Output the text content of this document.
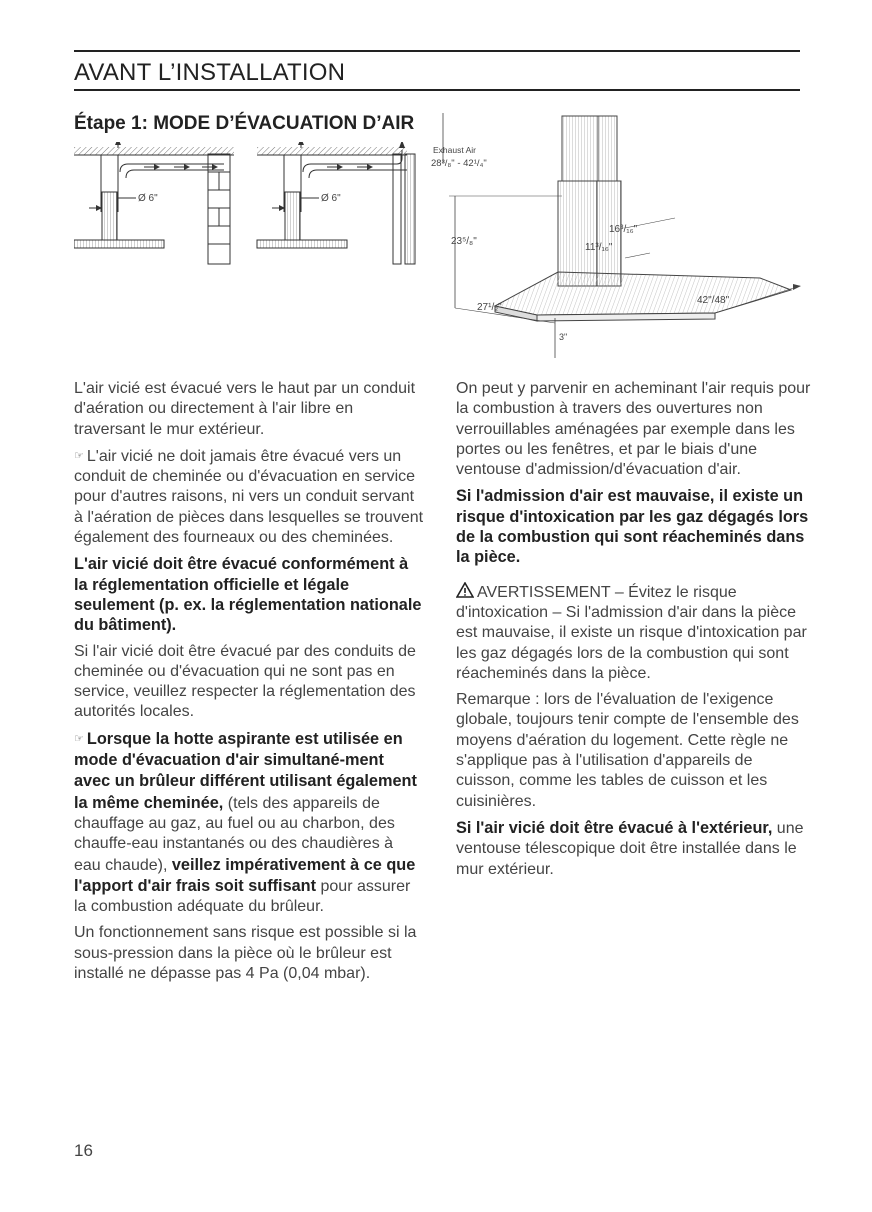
AVANT L’INSTALLATION
Étape 1: MODE D’ÉVACUATION D’AIR
Ø 6"	Ø 6"
Exhaust Air
28³/₈" - 42¹/₄"
16³/₁₆"
11³/₁₆"
23⁵/₈"
27¹/₂"
42"/48"
3"

L'air vicié est évacué vers le haut par un conduit d'aération ou directement à l'air libre en traversant le mur extérieur.

☞ L'air vicié ne doit jamais être évacué vers un conduit de cheminée ou d'évacuation en service pour d'autres raisons, ni vers un conduit servant à l'aération de pièces dans lesquelles se trouvent également des fourneaux ou des cheminées.

L'air vicié doit être évacué conformément à la réglementation officielle et légale seulement (p. ex. la réglementation nationale du bâtiment).

Si l'air vicié doit être évacué par des conduits de cheminée ou d'évacuation qui ne sont pas en service, veuillez respecter la réglementation des autorités locales.

☞ Lorsque la hotte aspirante est utilisée en mode d'évacuation d'air simultané-ment avec un brûleur différent utilisant également la même cheminée, (tels des appareils de chauffage au gaz, au fuel ou au charbon, des chauffe-eau instantanés ou des chaudières à eau chaude), veillez impérativement à ce que l'apport d'air frais soit suffisant pour assurer la combustion adéquate du brûleur.

Un fonctionnement sans risque est possible si la sous-pression dans la pièce où le brûleur est installé ne dépasse pas 4 Pa (0,04 mbar).

On peut y parvenir en acheminant l'air requis pour la combustion à travers des ouvertures non verrouillables aménagées par exemple dans les portes ou les fenêtres, et par le biais d'une ventouse d'admission/d'évacuation d'air.

Si l'admission d'air est mauvaise, il existe un risque d'intoxication par les gaz dégagés lors de la combustion qui sont réacheminés dans la pièce.

AVERTISSEMENT – Évitez le risque d'intoxication – Si l'admission d'air dans la pièce est mauvaise, il existe un risque d'intoxication par les gaz dégagés lors de la combustion qui sont réacheminés dans la pièce.

Remarque : lors de l'évaluation de l'exigence globale, toujours tenir compte de l'ensemble des moyens d'aération du logement. Cette règle ne s'applique pas à l'utilisation d'appareils de cuisson, comme les tables de cuisson et les cuisinières.

Si l'air vicié doit être évacué à l'extérieur, une ventouse télescopique doit être installée dans le mur extérieur.

16
